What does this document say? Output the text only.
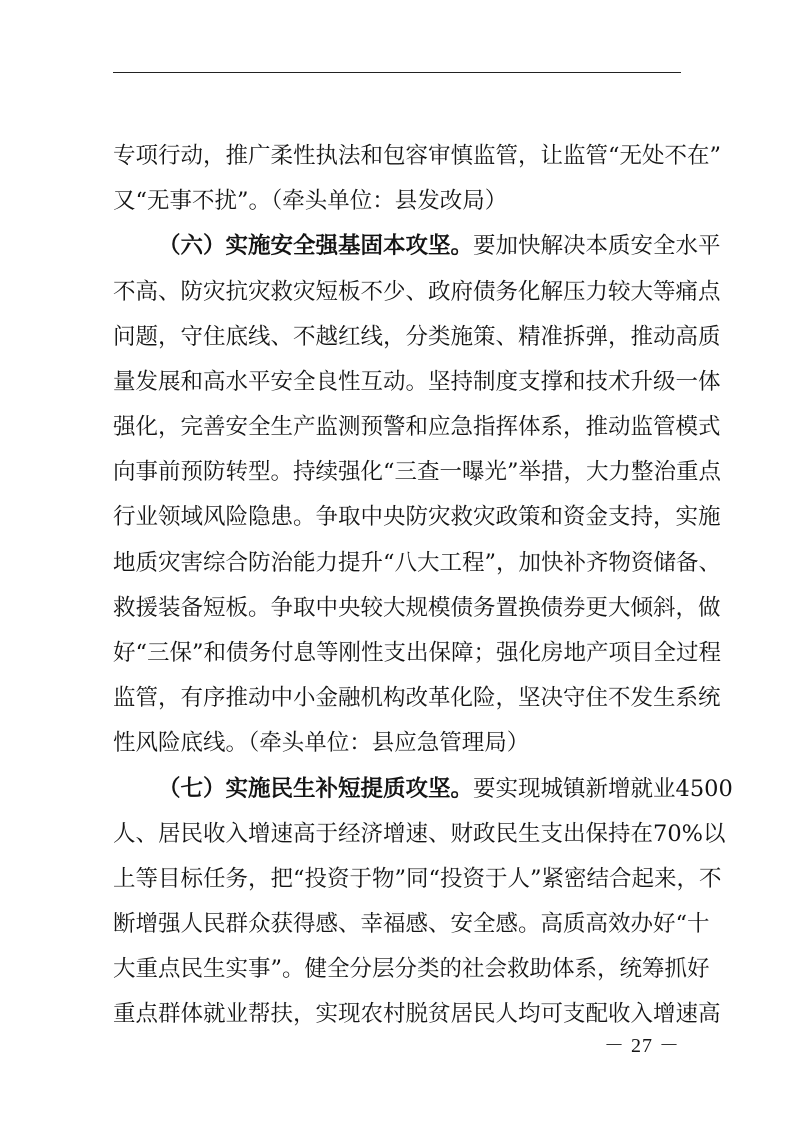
专项行动，推广柔性执法和包容审慎监管，让监管“无处不在”
又“无事不扰”。（牵头单位：县发改局）
（六）实施安全强基固本攻坚。要加快解决本质安全水平
不高、防灾抗灾救灾短板不少、政府债务化解压力较大等痛点
问题，守住底线、不越红线，分类施策、精准拆弹，推动高质
量发展和高水平安全良性互动。坚持制度支撑和技术升级一体
强化，完善安全生产监测预警和应急指挥体系，推动监管模式
向事前预防转型。持续强化“三查一曝光”举措，大力整治重点
行业领域风险隐患。争取中央防灾救灾政策和资金支持，实施
地质灾害综合防治能力提升“八大工程”，加快补齐物资储备、
救援装备短板。争取中央较大规模债务置换债券更大倾斜，做
好“三保”和债务付息等刚性支出保障；强化房地产项目全过程
监管，有序推动中小金融机构改革化险，坚决守住不发生系统
性风险底线。（牵头单位：县应急管理局）
（七）实施民生补短提质攻坚。要实现城镇新增就业4500
人、居民收入增速高于经济增速、财政民生支出保持在70%以
上等目标任务，把“投资于物”同“投资于人”紧密结合起来，不
断增强人民群众获得感、幸福感、安全感。高质高效办好“十
大重点民生实事”。健全分层分类的社会救助体系，统筹抓好
重点群体就业帮扶，实现农村脱贫居民人均可支配收入增速高
－ 27 －
